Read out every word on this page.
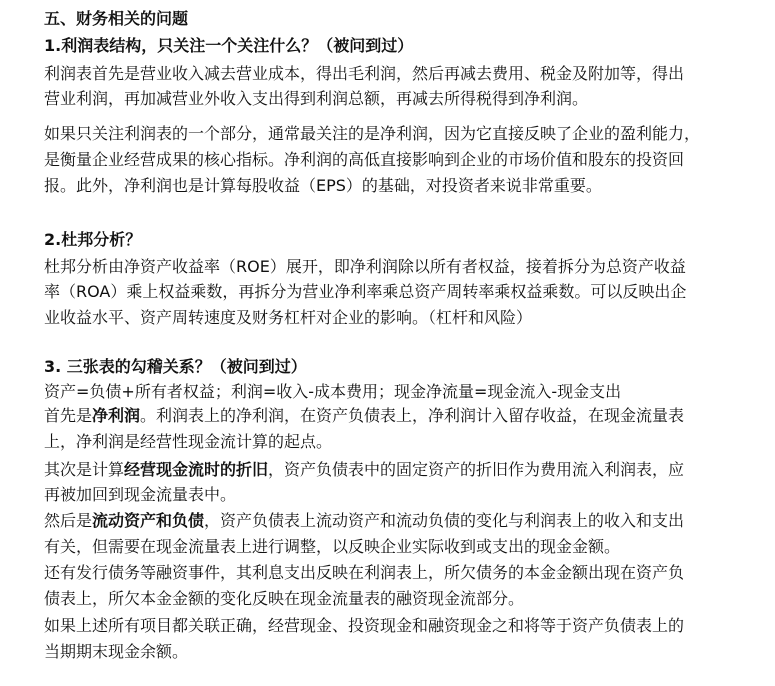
五、财务相关的问题
1.利润表结构，只关注一个关注什么？（被问到过）
利润表首先是营业收入减去营业成本，得出毛利润，然后再减去费用、税金及附加等，得出
营业利润，再加减营业外收入支出得到利润总额，再减去所得税得到净利润。
如果只关注利润表的一个部分，通常最关注的是净利润，因为它直接反映了企业的盈利能力，
是衡量企业经营成果的核心指标。净利润的高低直接影响到企业的市场价值和股东的投资回
报。此外，净利润也是计算每股收益（EPS）的基础，对投资者来说非常重要。
2.杜邦分析？
杜邦分析由净资产收益率（ROE）展开，即净利润除以所有者权益，接着拆分为总资产收益
率（ROA）乘上权益乘数，再拆分为营业净利率乘总资产周转率乘权益乘数。可以反映出企
业收益水平、资产周转速度及财务杠杆对企业的影响。（杠杆和风险）
3. 三张表的勾稽关系？（被问到过）
资产=负债+所有者权益；利润=收入-成本费用；现金净流量=现金流入-现金支出
首先是净利润。利润表上的净利润，在资产负债表上，净利润计入留存收益，在现金流量表
上，净利润是经营性现金流计算的起点。
其次是计算经营现金流时的折旧，资产负债表中的固定资产的折旧作为费用流入利润表，应
再被加回到现金流量表中。
然后是流动资产和负债，资产负债表上流动资产和流动负债的变化与利润表上的收入和支出
有关，但需要在现金流量表上进行调整，以反映企业实际收到或支出的现金金额。
还有发行债务等融资事件，其利息支出反映在利润表上，所欠债务的本金金额出现在资产负
债表上，所欠本金金额的变化反映在现金流量表的融资现金流部分。
如果上述所有项目都关联正确，经营现金、投资现金和融资现金之和将等于资产负债表上的
当期期末现金余额。
